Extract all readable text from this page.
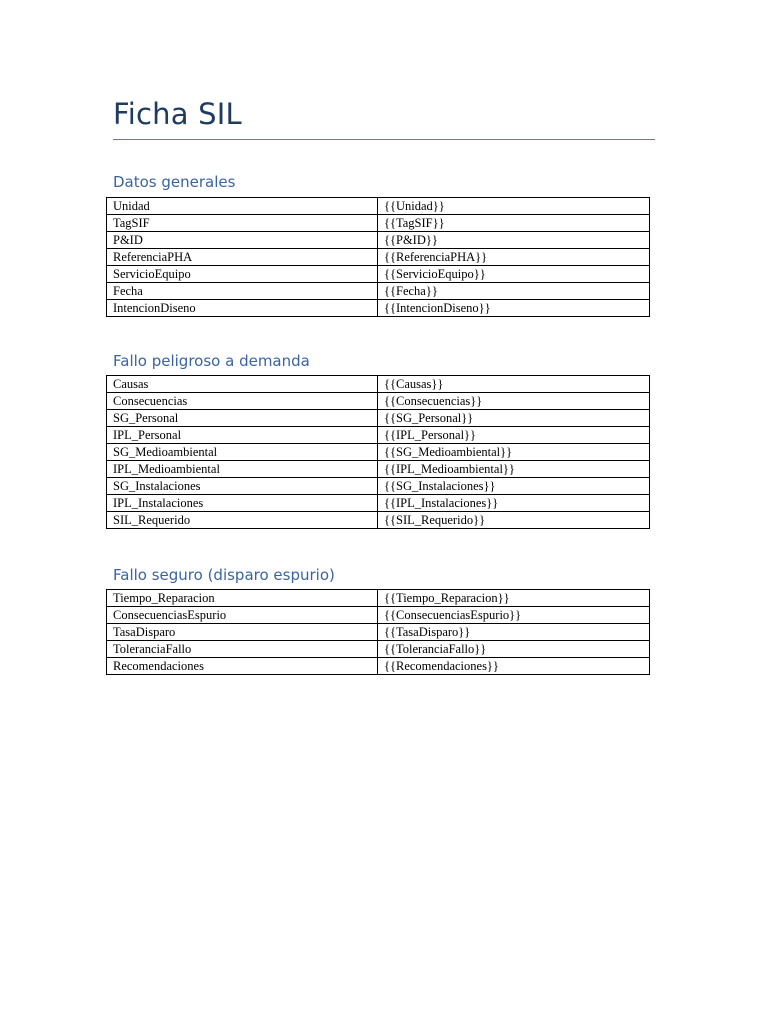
Ficha SIL
Datos generales
Unidad	{{Unidad}}
TagSIF	{{TagSIF}}
P&ID	{{P&ID}}
ReferenciaPHA	{{ReferenciaPHA}}
ServicioEquipo	{{ServicioEquipo}}
Fecha	{{Fecha}}
IntencionDiseno	{{IntencionDiseno}}
Fallo peligroso a demanda
Causas	{{Causas}}
Consecuencias	{{Consecuencias}}
SG_Personal	{{SG_Personal}}
IPL_Personal	{{IPL_Personal}}
SG_Medioambiental	{{SG_Medioambiental}}
IPL_Medioambiental	{{IPL_Medioambiental}}
SG_Instalaciones	{{SG_Instalaciones}}
IPL_Instalaciones	{{IPL_Instalaciones}}
SIL_Requerido	{{SIL_Requerido}}
Fallo seguro (disparo espurio)
Tiempo_Reparacion	{{Tiempo_Reparacion}}
ConsecuenciasEspurio	{{ConsecuenciasEspurio}}
TasaDisparo	{{TasaDisparo}}
ToleranciaFallo	{{ToleranciaFallo}}
Recomendaciones	{{Recomendaciones}}
